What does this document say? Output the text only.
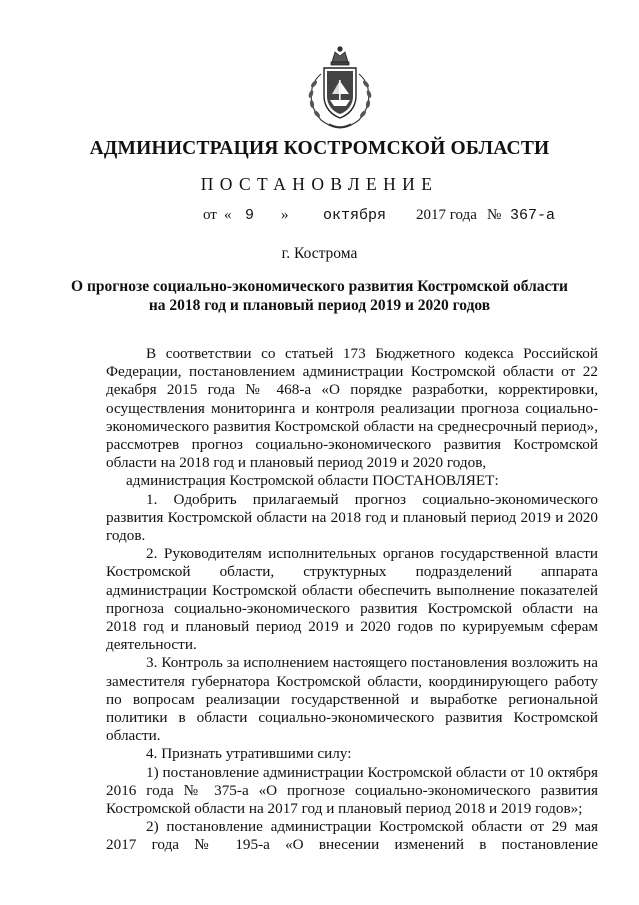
АДМИНИСТРАЦИЯ КОСТРОМСКОЙ ОБЛАСТИ
ПОСТАНОВЛЕНИЕ
от « 9 » октября 2017 года № 367-а
г. Кострома
О прогнозе социально-экономического развития Костромской области
на 2018 год и плановый период 2019 и 2020 годов

В соответствии со статьей 173 Бюджетного кодекса Российской Федерации, постановлением администрации Костромской области от 22 декабря 2015 года № 468-а «О порядке разработки, корректировки, осуществления мониторинга и контроля реализации прогноза социально-экономического развития Костромской области на среднесрочный период», рассмотрев прогноз социально-экономического развития Костромской области на 2018 год и плановый период 2019 и 2020 годов,

администрация Костромской области ПОСТАНОВЛЯЕТ:

1. Одобрить прилагаемый прогноз социально-экономического развития Костромской области на 2018 год и плановый период 2019 и 2020 годов.

2. Руководителям исполнительных органов государственной власти Костромской области, структурных подразделений аппарата администрации Костромской области обеспечить выполнение показателей прогноза социально-экономического развития Костромской области на 2018 год и плановый период 2019 и 2020 годов по курируемым сферам деятельности.

3. Контроль за исполнением настоящего постановления возложить на заместителя губернатора Костромской области, координирующего работу по вопросам реализации государственной и выработке региональной политики в области социально-экономического развития Костромской области.

4. Признать утратившими силу:

1) постановление администрации Костромской области от 10 октября 2016 года № 375-а «О прогнозе социально-экономического развития Костромской области на 2017 год и плановый период 2018 и 2019 годов»;

2) постановление администрации Костромской области от 29 мая 2017 года № 195-а «О внесении изменений в постановление
